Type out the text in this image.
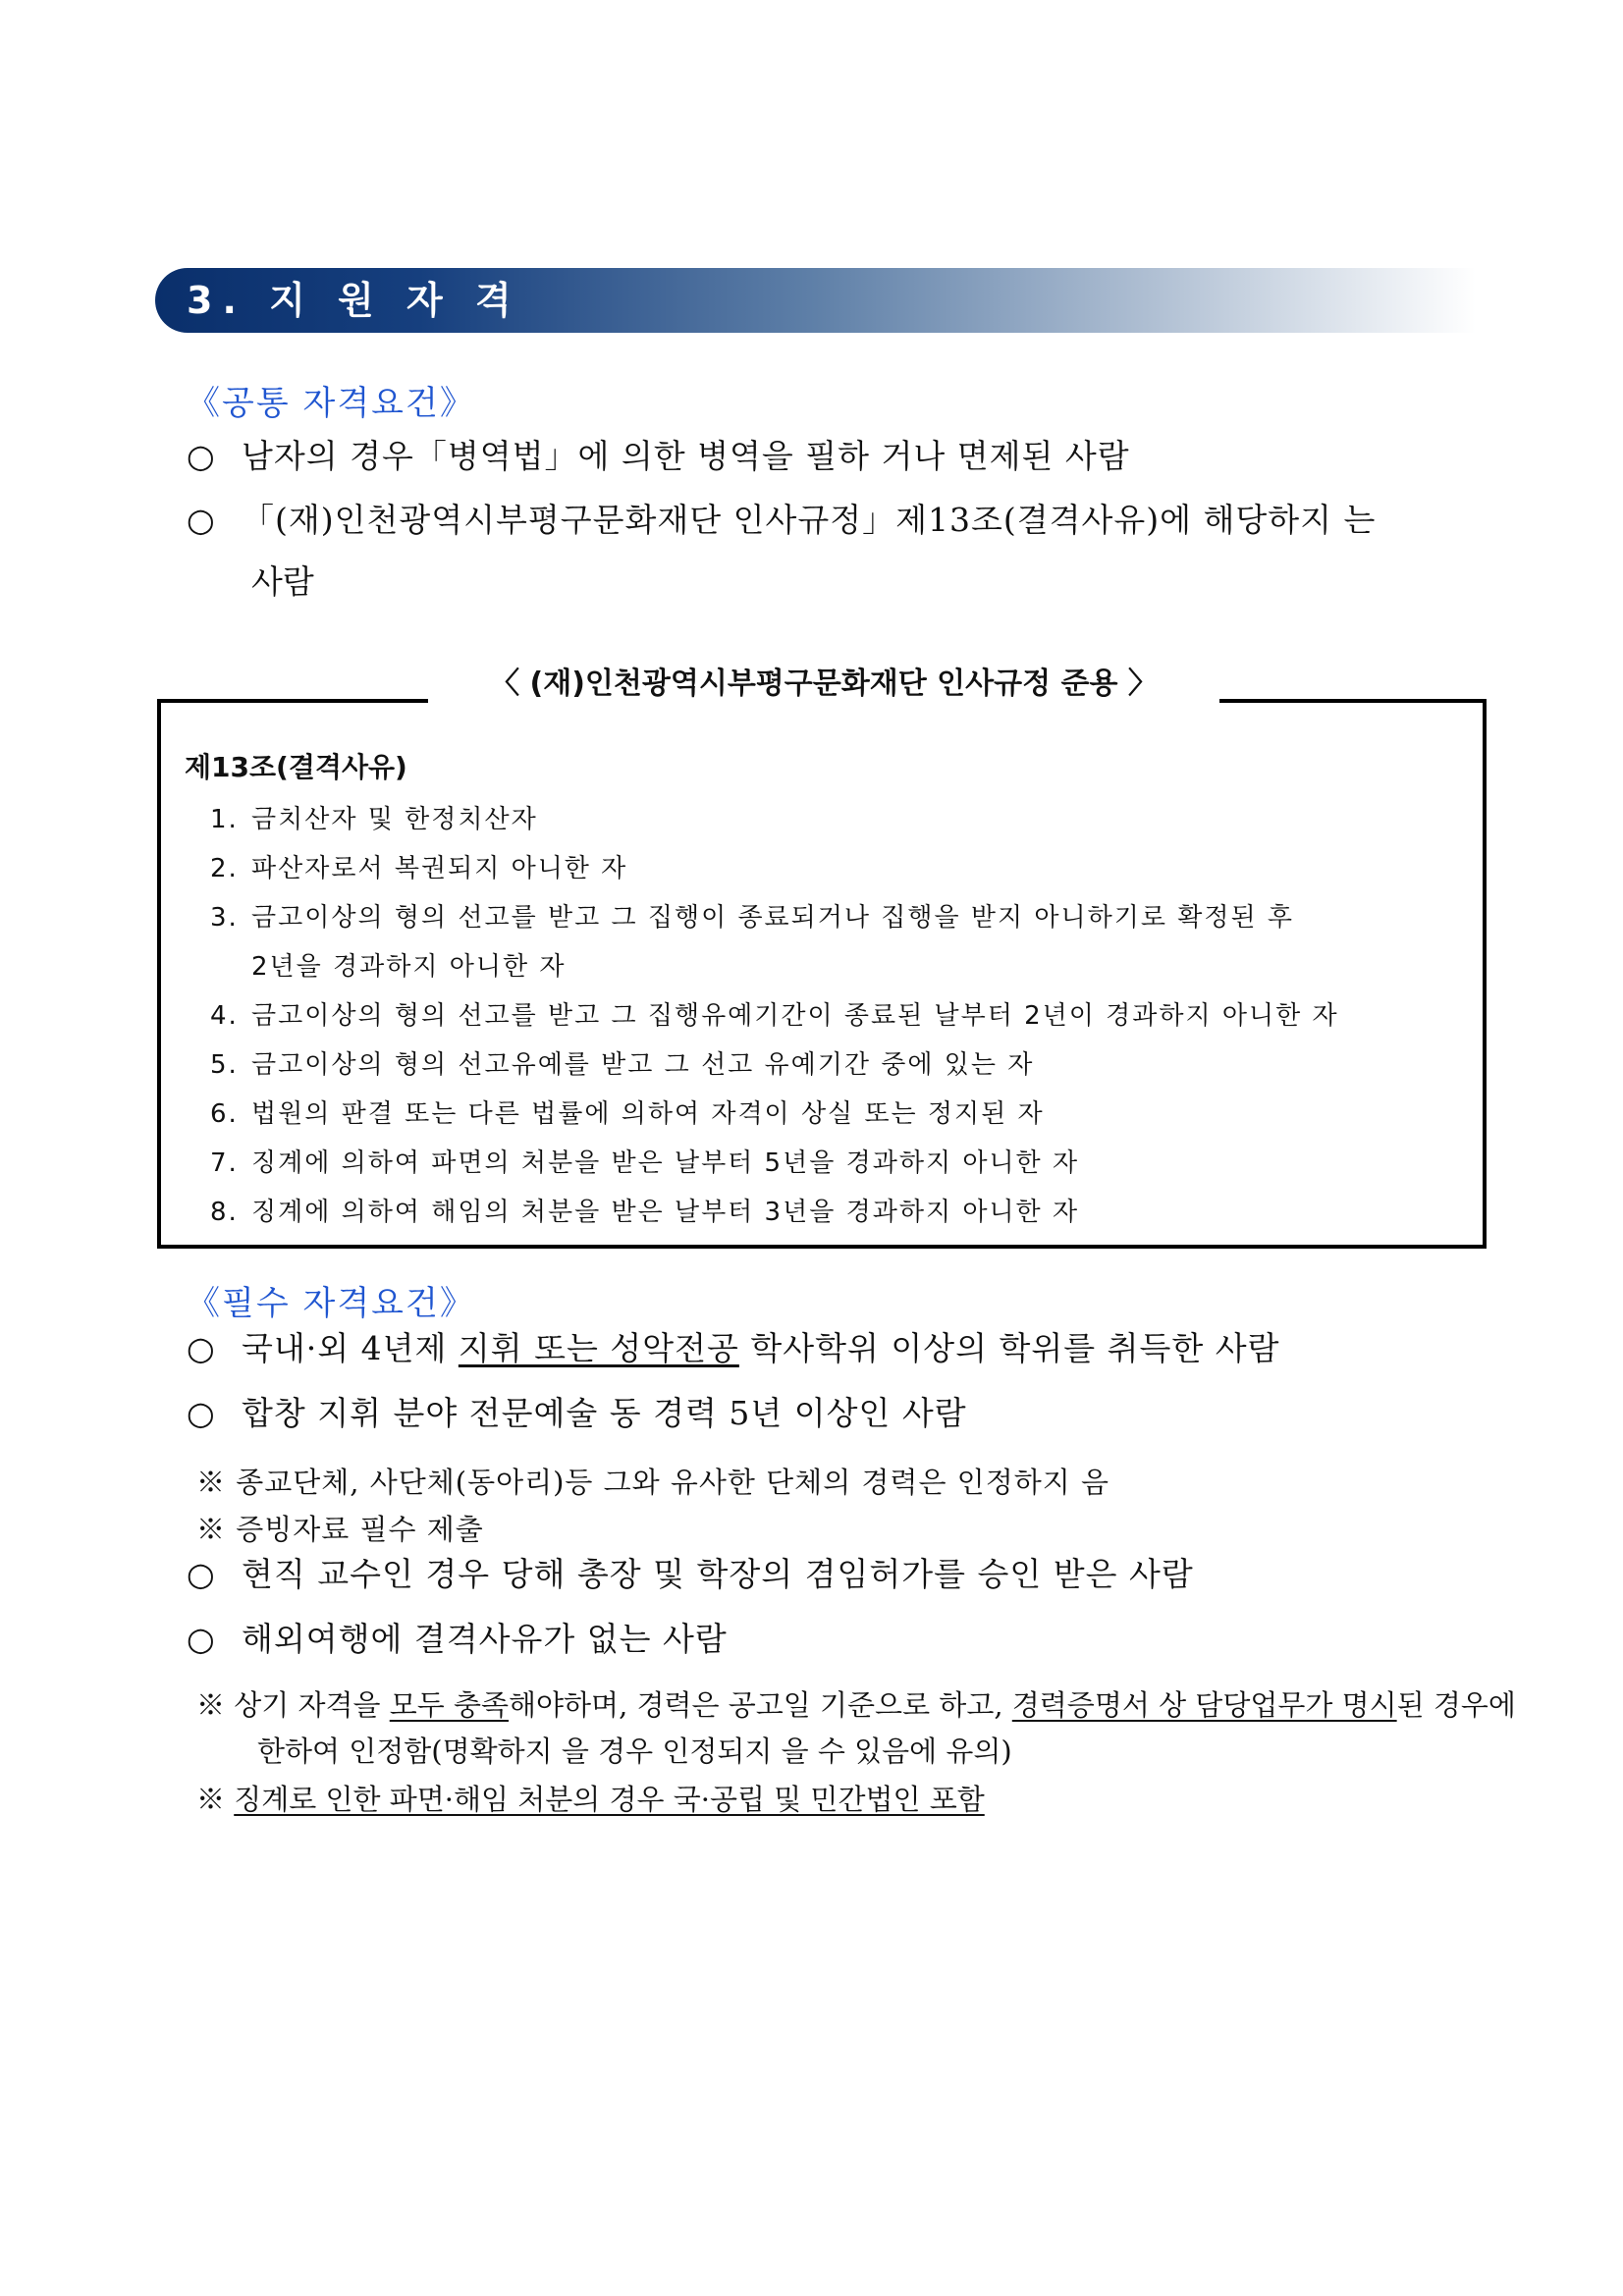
3. 지 원 자 격
《공통 자격요건》
○ 남자의 경우「병역법」에 의한 병역을 필하 거나 면제된 사람
○ 「(재)인천광역시부평구문화재단 인사규정」제13조(결격사유)에 해당하지 는
사람
〈 (재)인천광역시부평구문화재단 인사규정 준용 〉
제13조(결격사유)
1. 금치산자 및 한정치산자
2. 파산자로서 복권되지 아니한 자
3. 금고이상의 형의 선고를 받고 그 집행이 종료되거나 집행을 받지 아니하기로 확정된 후
2년을 경과하지 아니한 자
4. 금고이상의 형의 선고를 받고 그 집행유예기간이 종료된 날부터 2년이 경과하지 아니한 자
5. 금고이상의 형의 선고유예를 받고 그 선고 유예기간 중에 있는 자
6. 법원의 판결 또는 다른 법률에 의하여 자격이 상실 또는 정지된 자
7. 징계에 의하여 파면의 처분을 받은 날부터 5년을 경과하지 아니한 자
8. 징계에 의하여 해임의 처분을 받은 날부터 3년을 경과하지 아니한 자
《필수 자격요건》
○ 국내·외 4년제 지휘 또는 성악전공 학사학위 이상의 학위를 취득한 사람
○ 합창 지휘 분야 전문예술 동 경력 5년 이상인 사람
※ 종교단체, 사단체(동아리)등 그와 유사한 단체의 경력은 인정하지 음
※ 증빙자료 필수 제출
○ 현직 교수인 경우 당해 총장 및 학장의 겸임허가를 승인 받은 사람
○ 해외여행에 결격사유가 없는 사람
※ 상기 자격을 모두 충족해야하며, 경력은 공고일 기준으로 하고, 경력증명서 상 담당업무가 명시된 경우에
한하여 인정함(명확하지 을 경우 인정되지 을 수 있음에 유의)
※ 징계로 인한 파면·해임 처분의 경우 국·공립 및 민간법인 포함
